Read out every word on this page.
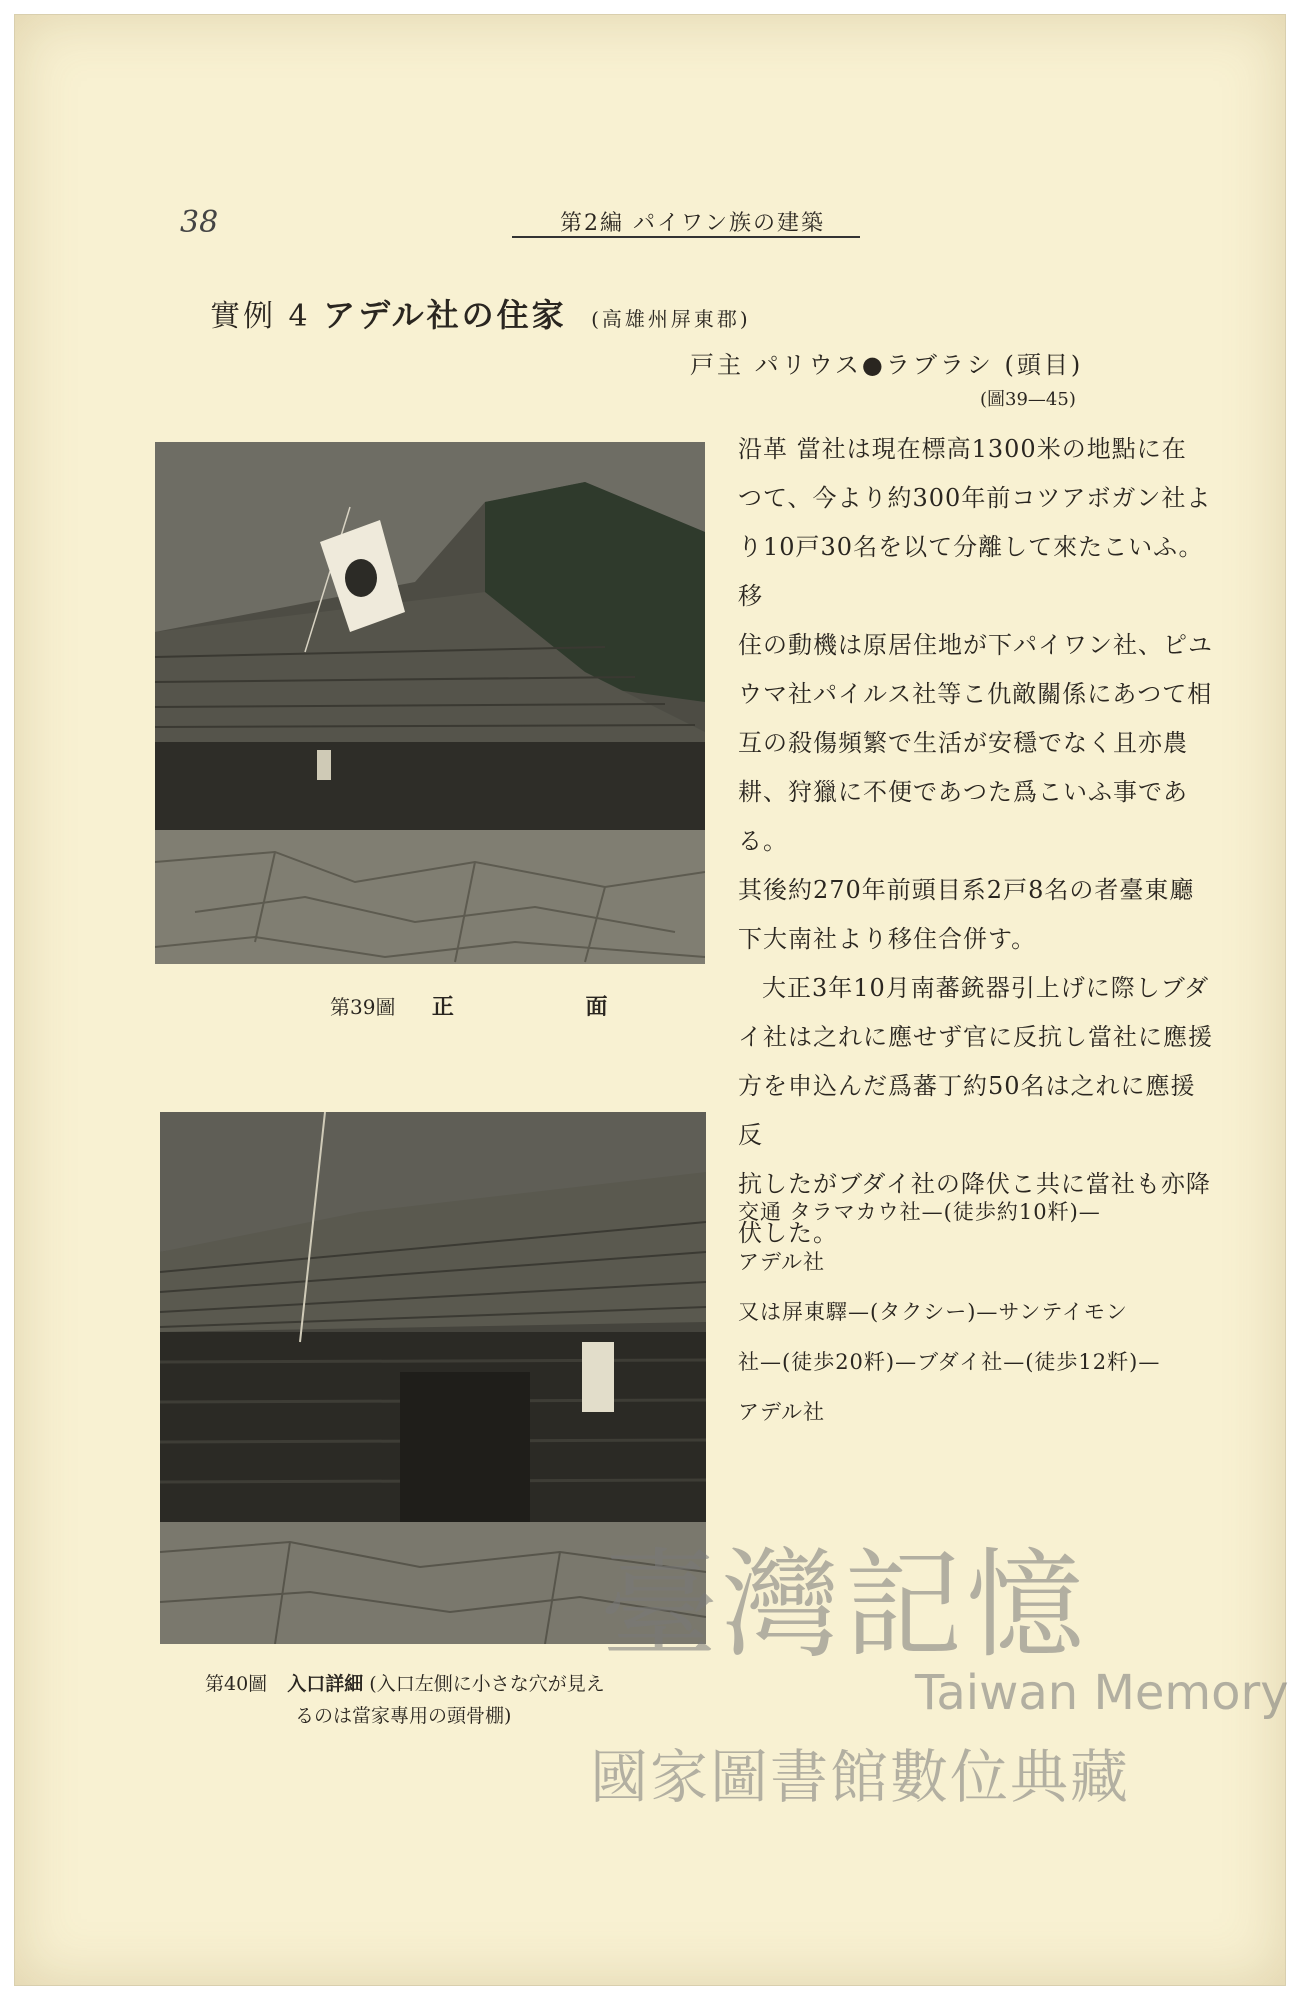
38	第2編 パイワン族の建築
實例 4 アデル社の住家 (高雄州屏東郡)
戸主 パリウス●ラブラシ (頭目)
(圖39—45)
第39圖 正 面
第40圖 入口詳細 (入口左側に小さな穴が見え
るのは當家專用の頭骨棚)

沿革 當社は現在標高1300米の地點に在

つて、今より約300年前コツアボガン社よ

り10戸30名を以て分離して來たこいふ。移

住の動機は原居住地が下パイワン社、ピユ

ウマ社パイルス社等こ仇敵關係にあつて相

互の殺傷頻繁で生活が安穩でなく且亦農

耕、狩獵に不便であつた爲こいふ事である。

其後約270年前頭目系2戸8名の者臺東廳

下大南社より移住合併す。

大正3年10月南蕃銃器引上げに際しブダ

イ社は之れに應せず官に反抗し當社に應援

方を申込んだ爲蕃丁約50名は之れに應援反

抗したがブダイ社の降伏こ共に當社も亦降

伏した。

交通 タラマカウ社—(徒歩約10粁)—

アデル社

又は屏東驛—(タクシー)—サンテイモン

社—(徒歩20粁)—ブダイ社—(徒歩12粁)—

アデル社

臺灣記憶
Taiwan Memory
國家圖書館數位典藏
